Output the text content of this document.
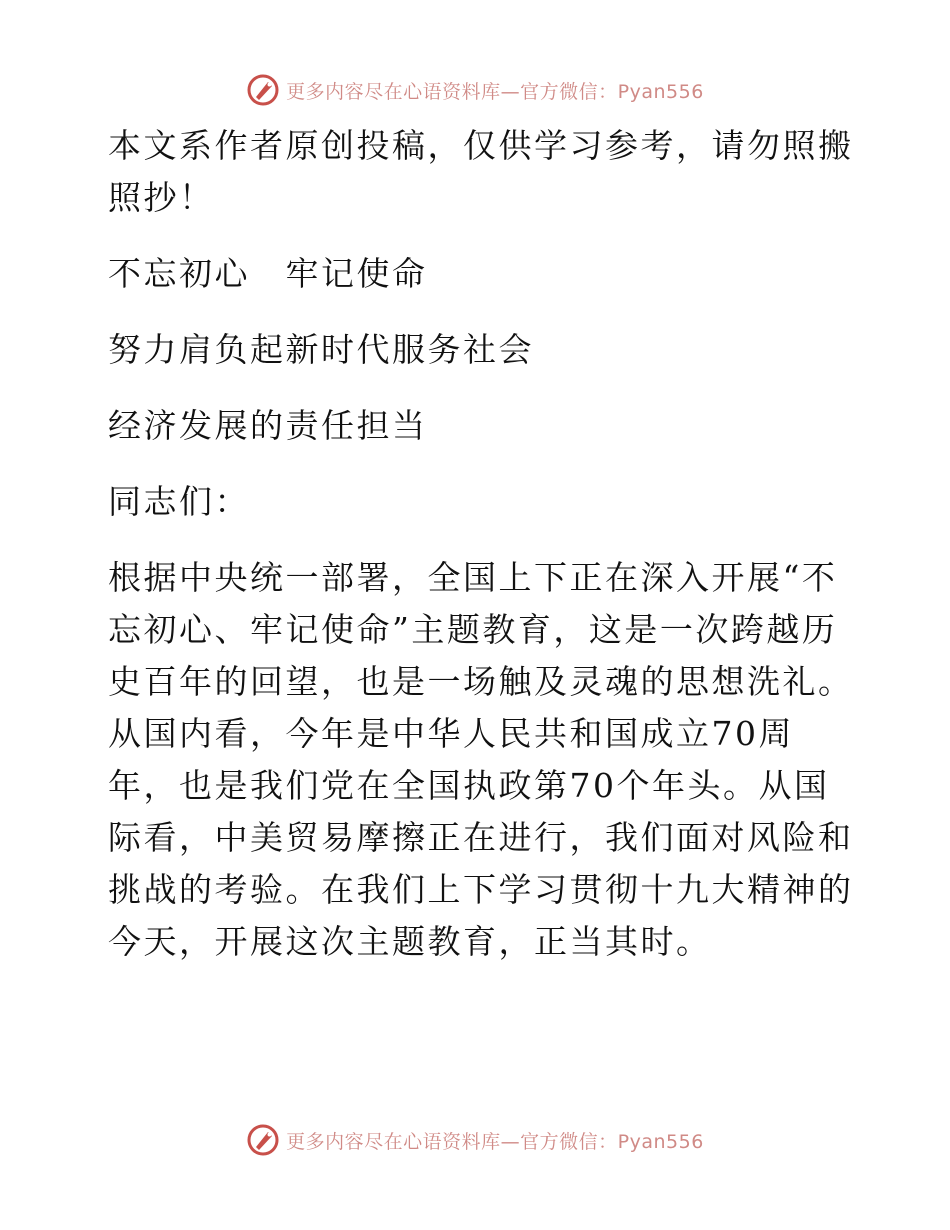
更多内容尽在心语资料库—官方微信：Pyan556

本文系作者原创投稿，仅供学习参考，请勿照搬照抄！

不忘初心　牢记使命

努力肩负起新时代服务社会

经济发展的责任担当

同志们：

根据中央统一部署，全国上下正在深入开展“不忘初心、牢记使命”主题教育，这是一次跨越历史百年的回望，也是一场触及灵魂的思想洗礼。从国内看，今年是中华人民共和国成立70周年，也是我们党在全国执政第70个年头。从国际看，中美贸易摩擦正在进行，我们面对风险和挑战的考验。在我们上下学习贯彻十九大精神的今天，开展这次主题教育，正当其时。

更多内容尽在心语资料库—官方微信：Pyan556
